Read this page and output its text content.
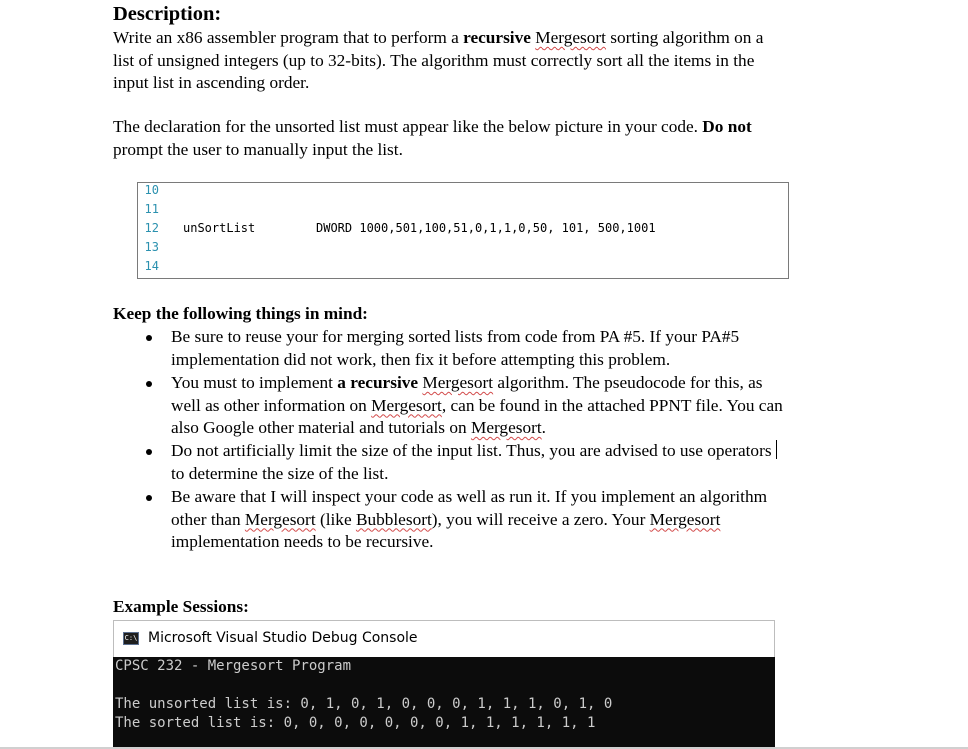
Description:
Write an x86 assembler program that to perform a recursive Mergesort sorting algorithm on a
list of unsigned integers (up to 32-bits). The algorithm must correctly sort all the items in the
input list in ascending order.
The declaration for the unsorted list must appear like the below picture in your code. Do not
prompt the user to manually input the list.
10
11
12 unSortList	DWORD 1000,501,100,51,0,1,1,0,50, 101, 500,1001
13
14
Keep the following things in mind:
Be sure to reuse your for merging sorted lists from code from PA #5. If your PA#5
implementation did not work, then fix it before attempting this problem.
You must to implement a recursive Mergesort algorithm. The pseudocode for this, as
well as other information on Mergesort, can be found in the attached PPNT file. You can
also Google other material and tutorials on Mergesort.
Do not artificially limit the size of the input list. Thus, you are advised to use operators
to determine the size of the list.
Be aware that I will inspect your code as well as run it. If you implement an algorithm
other than Mergesort (like Bubblesort), you will receive a zero. Your Mergesort
implementation needs to be recursive.
Example Sessions:
C:\ Microsoft Visual Studio Debug Console
CPSC 232 - Mergesort Program
The unsorted list is: 0, 1, 0, 1, 0, 0, 0, 1, 1, 1, 0, 1, 0
The sorted list is: 0, 0, 0, 0, 0, 0, 0, 1, 1, 1, 1, 1, 1
